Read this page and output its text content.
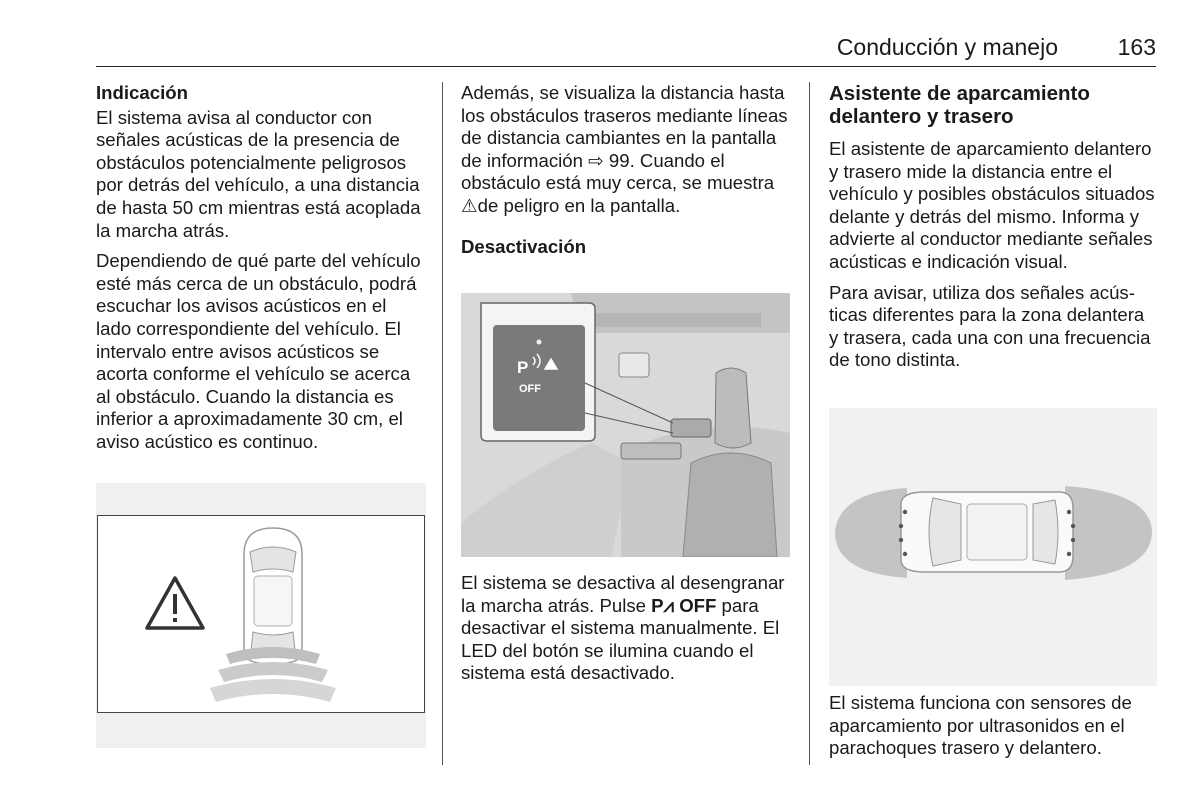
Conducción y manejo	163
Indicación

El sistema avisa al conductor con señales acústicas de la presencia de obstáculos potencialmente peligrosos por detrás del vehículo, a una distancia de hasta 50 cm mientras está acoplada la marcha atrás.

Dependiendo de qué parte del vehículo esté más cerca de un obstáculo, podrá escuchar los avisos acústicos en el lado correspondiente del vehículo. El intervalo entre avisos acústicos se acorta conforme el vehículo se acerca al obstáculo. Cuando la distancia es inferior a aproximadamente 30 cm, el aviso acústico es continuo.

Además, se visualiza la distancia hasta los obstáculos traseros mediante líneas de distancia cambiantes en la pantalla de información ⇨ 99. Cuando el obstáculo está muy cerca, se muestra ⚠de peligro en la pantalla.

Desactivación
P
OFF

El sistema se desactiva al desengranar la marcha atrás. Pulse P⩘ OFF para desactivar el sistema manualmente. El LED del botón se ilumina cuando el sistema está desactivado.

Asistente de aparcamiento delantero y trasero

El asistente de aparcamiento delantero y trasero mide la distancia entre el vehículo y posibles obstáculos situados delante y detrás del mismo. Informa y advierte al conductor mediante señales acústicas e indicación visual.

Para avisar, utiliza dos señales acústicas diferentes para la zona delantera y trasera, cada una con una frecuencia de tono distinta.

El sistema funciona con sensores de aparcamiento por ultrasonidos en el parachoques trasero y delantero.
